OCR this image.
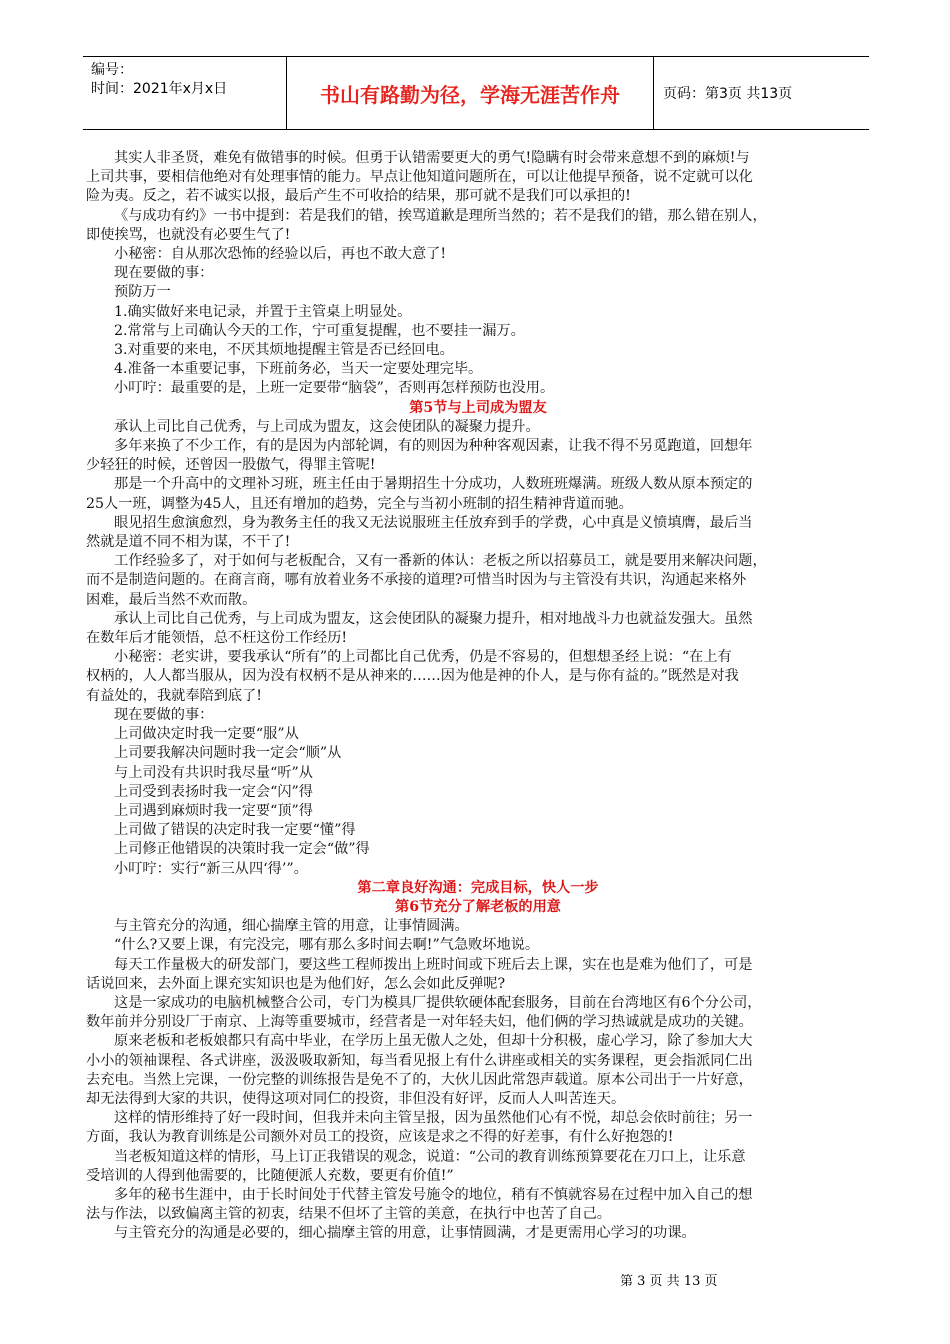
编号：
时间：2021年x月x日	书山有路勤为径，学海无涯苦作舟	页码：第3页 共13页
其实人非圣贤，难免有做错事的时候。但勇于认错需要更大的勇气!隐瞒有时会带来意想不到的麻烦!与
上司共事，要相信他绝对有处理事情的能力。早点让他知道问题所在，可以让他提早预备，说不定就可以化
险为夷。反之，若不诚实以报，最后产生不可收拾的结果，那可就不是我们可以承担的!
《与成功有约》一书中提到：若是我们的错，挨骂道歉是理所当然的；若不是我们的错，那么错在别人，
即使挨骂，也就没有必要生气了!
小秘密：自从那次恐怖的经验以后，再也不敢大意了!
现在要做的事：
预防万一
1.确实做好来电记录，并置于主管桌上明显处。
2.常常与上司确认今天的工作，宁可重复提醒，也不要挂一漏万。
3.对重要的来电，不厌其烦地提醒主管是否已经回电。
4.准备一本重要记事，下班前务必，当天一定要处理完毕。
小叮咛：最重要的是，上班一定要带“脑袋”，否则再怎样预防也没用。
第5节与上司成为盟友
承认上司比自己优秀，与上司成为盟友，这会使团队的凝聚力提升。
多年来换了不少工作，有的是因为内部轮调，有的则因为种种客观因素，让我不得不另觅跑道，回想年
少轻狂的时候，还曾因一股傲气，得罪主管呢!
那是一个升高中的文理补习班，班主任由于暑期招生十分成功，人数班班爆满。班级人数从原本预定的
25人一班，调整为45人，且还有增加的趋势，完全与当初小班制的招生精神背道而驰。
眼见招生愈演愈烈，身为教务主任的我又无法说服班主任放弃到手的学费，心中真是义愤填膺，最后当
然就是道不同不相为谋，不干了!
工作经验多了，对于如何与老板配合，又有一番新的体认：老板之所以招募员工，就是要用来解决问题，
而不是制造问题的。在商言商，哪有放着业务不承接的道理?可惜当时因为与主管没有共识，沟通起来格外
困难，最后当然不欢而散。
承认上司比自己优秀，与上司成为盟友，这会使团队的凝聚力提升，相对地战斗力也就益发强大。虽然
在数年后才能领悟，总不枉这份工作经历!
小秘密：老实讲，要我承认“所有”的上司都比自己优秀，仍是不容易的，但想想圣经上说：“在上有
权柄的，人人都当服从，因为没有权柄不是从神来的……因为他是神的仆人，是与你有益的。”既然是对我
有益处的，我就奉陪到底了!
现在要做的事：
上司做决定时我一定要“服”从
上司要我解决问题时我一定会“顺”从
与上司没有共识时我尽量“听”从
上司受到表扬时我一定会“闪”得
上司遇到麻烦时我一定要“顶”得
上司做了错误的决定时我一定要“懂”得
上司修正他错误的决策时我一定会“做”得
小叮咛：实行“新三从四‘得’”。
第二章良好沟通：完成目标，快人一步
第6节充分了解老板的用意
与主管充分的沟通，细心揣摩主管的用意，让事情圆满。
“什么?又要上课，有完没完，哪有那么多时间去啊!”气急败坏地说。
每天工作量极大的研发部门，要这些工程师拨出上班时间或下班后去上课，实在也是难为他们了，可是
话说回来，去外面上课充实知识也是为他们好，怎么会如此反弹呢?
这是一家成功的电脑机械整合公司，专门为模具厂提供软硬体配套服务，目前在台湾地区有6个分公司，
数年前并分别设厂于南京、上海等重要城市，经营者是一对年轻夫妇，他们俩的学习热诚就是成功的关键。
原来老板和老板娘都只有高中毕业，在学历上虽无傲人之处，但却十分积极，虚心学习，除了参加大大
小小的领袖课程、各式讲座，汲汲吸取新知，每当看见报上有什么讲座或相关的实务课程，更会指派同仁出
去充电。当然上完课，一份完整的训练报告是免不了的，大伙儿因此常怨声载道。原本公司出于一片好意，
却无法得到大家的共识，使得这项对同仁的投资，非但没有好评，反而人人叫苦连天。
这样的情形维持了好一段时间，但我并未向主管呈报，因为虽然他们心有不悦，却总会依时前往；另一
方面，我认为教育训练是公司额外对员工的投资，应该是求之不得的好差事，有什么好抱怨的!
当老板知道这样的情形，马上订正我错误的观念，说道：“公司的教育训练预算要花在刀口上，让乐意
受培训的人得到他需要的，比随便派人充数，要更有价值!”
多年的秘书生涯中，由于长时间处于代替主管发号施令的地位，稍有不慎就容易在过程中加入自己的想
法与作法，以致偏离主管的初衷，结果不但坏了主管的美意，在执行中也苦了自己。
与主管充分的沟通是必要的，细心揣摩主管的用意，让事情圆满，才是更需用心学习的功课。
第 3 页 共 13 页
